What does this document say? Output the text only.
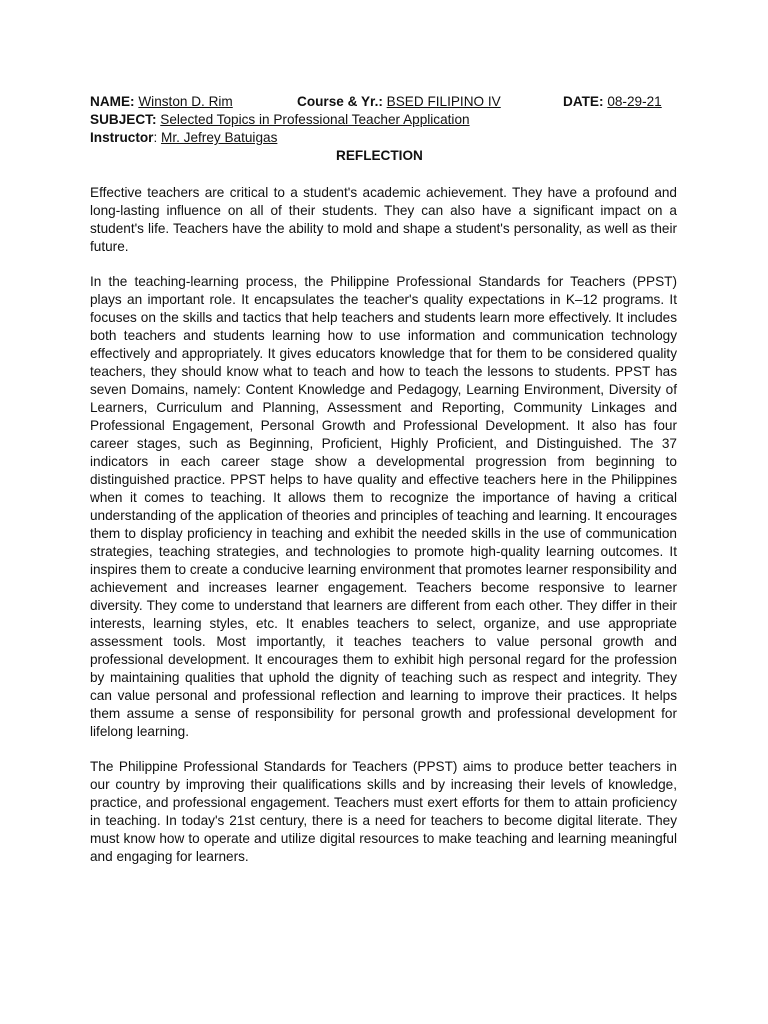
NAME: Winston D. Rim	Course & Yr.: BSED FILIPINO IV	DATE: 08-29-21
SUBJECT: Selected Topics in Professional Teacher Application
Instructor: Mr. Jefrey Batuigas
REFLECTION

Effective teachers are critical to a student's academic achievement. They have a profound and long-lasting influence on all of their students. They can also have a significant impact on a student's life. Teachers have the ability to mold and shape a student's personality, as well as their future.

In the teaching-learning process, the Philippine Professional Standards for Teachers (PPST) plays an important role. It encapsulates the teacher's quality expectations in K–12 programs. It focuses on the skills and tactics that help teachers and students learn more effectively. It includes both teachers and students learning how to use information and communication technology effectively and appropriately. It gives educators knowledge that for them to be considered quality teachers, they should know what to teach and how to teach the lessons to students. PPST has seven Domains, namely: Content Knowledge and Pedagogy, Learning Environment, Diversity of Learners, Curriculum and Planning, Assessment and Reporting, Community Linkages and Professional Engagement, Personal Growth and Professional Development. It also has four career stages, such as Beginning, Proficient, Highly Proficient, and Distinguished. The 37 indicators in each career stage show a developmental progression from beginning to distinguished practice. PPST helps to have quality and effective teachers here in the Philippines when it comes to teaching. It allows them to recognize the importance of having a critical understanding of the application of theories and principles of teaching and learning. It encourages them to display proficiency in teaching and exhibit the needed skills in the use of communication strategies, teaching strategies, and technologies to promote high-quality learning outcomes. It inspires them to create a conducive learning environment that promotes learner responsibility and achievement and increases learner engagement. Teachers become responsive to learner diversity. They come to understand that learners are different from each other. They differ in their interests, learning styles, etc. It enables teachers to select, organize, and use appropriate assessment tools. Most importantly, it teaches teachers to value personal growth and professional development. It encourages them to exhibit high personal regard for the profession by maintaining qualities that uphold the dignity of teaching such as respect and integrity. They can value personal and professional reflection and learning to improve their practices. It helps them assume a sense of responsibility for personal growth and professional development for lifelong learning.

The Philippine Professional Standards for Teachers (PPST) aims to produce better teachers in our country by improving their qualifications skills and by increasing their levels of knowledge, practice, and professional engagement. Teachers must exert efforts for them to attain proficiency in teaching. In today's 21st century, there is a need for teachers to become digital literate. They must know how to operate and utilize digital resources to make teaching and learning meaningful and engaging for learners.
